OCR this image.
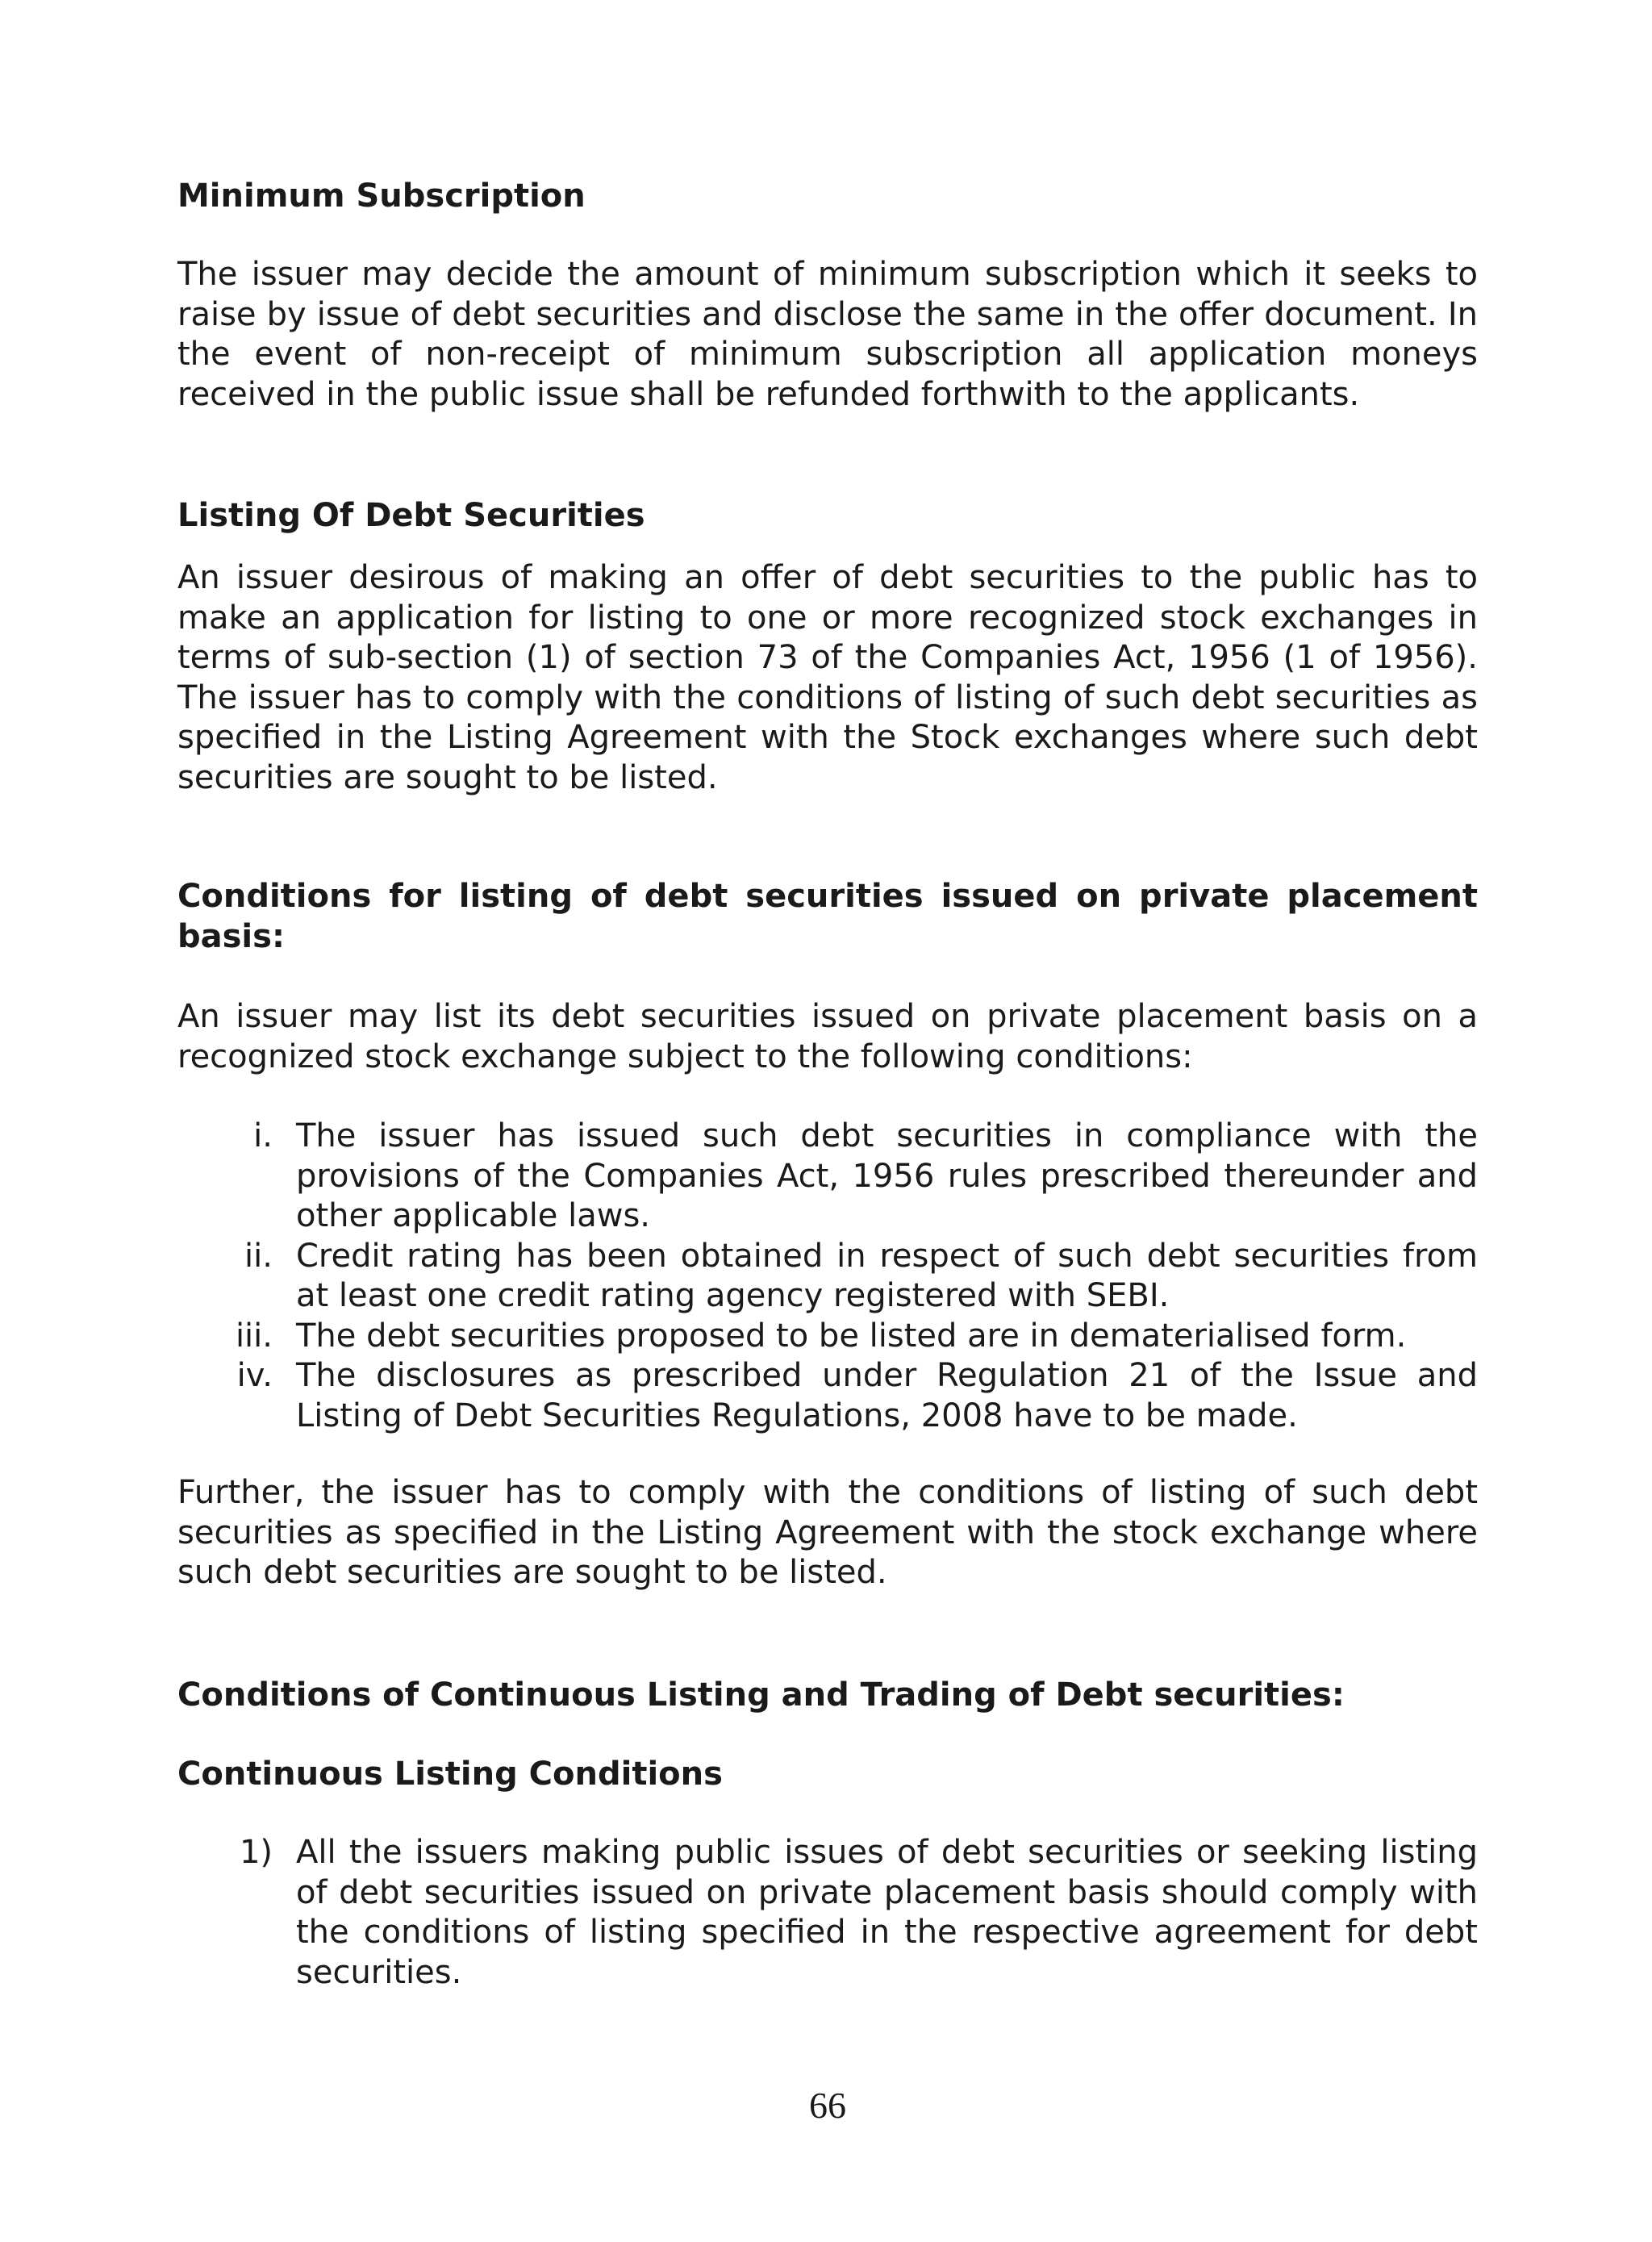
Minimum Subscription

The issuer may decide the amount of minimum subscription which it seeks to raise by issue of debt securities and disclose the same in the offer document. In the event of non-receipt of minimum subscription all application moneys received in the public issue shall be refunded forthwith to the applicants.

Listing Of Debt Securities

An issuer desirous of making an offer of debt securities to the public has to make an application for listing to one or more recognized stock exchanges in terms of sub-section (1) of section 73 of the Companies Act, 1956 (1 of 1956). The issuer has to comply with the conditions of listing of such debt securities as specified in the Listing Agreement with the Stock exchanges where such debt securities are sought to be listed.

Conditions for listing of debt securities issued on private placement basis:

An issuer may list its debt securities issued on private placement basis on a recognized stock exchange subject to the following conditions:

i. The issuer has issued such debt securities in compliance with the provisions of the Companies Act, 1956 rules prescribed thereunder and other applicable laws.
ii. Credit rating has been obtained in respect of such debt securities from at least one credit rating agency registered with SEBI.
iii. The debt securities proposed to be listed are in dematerialised form.
iv. The disclosures as prescribed under Regulation 21 of the Issue and Listing of Debt Securities Regulations, 2008 have to be made.

Further, the issuer has to comply with the conditions of listing of such debt securities as specified in the Listing Agreement with the stock exchange where such debt securities are sought to be listed.

Conditions of Continuous Listing and Trading of Debt securities:
Continuous Listing Conditions
1) All the issuers making public issues of debt securities or seeking listing of debt securities issued on private placement basis should comply with the conditions of listing specified in the respective agreement for debt securities.
66
